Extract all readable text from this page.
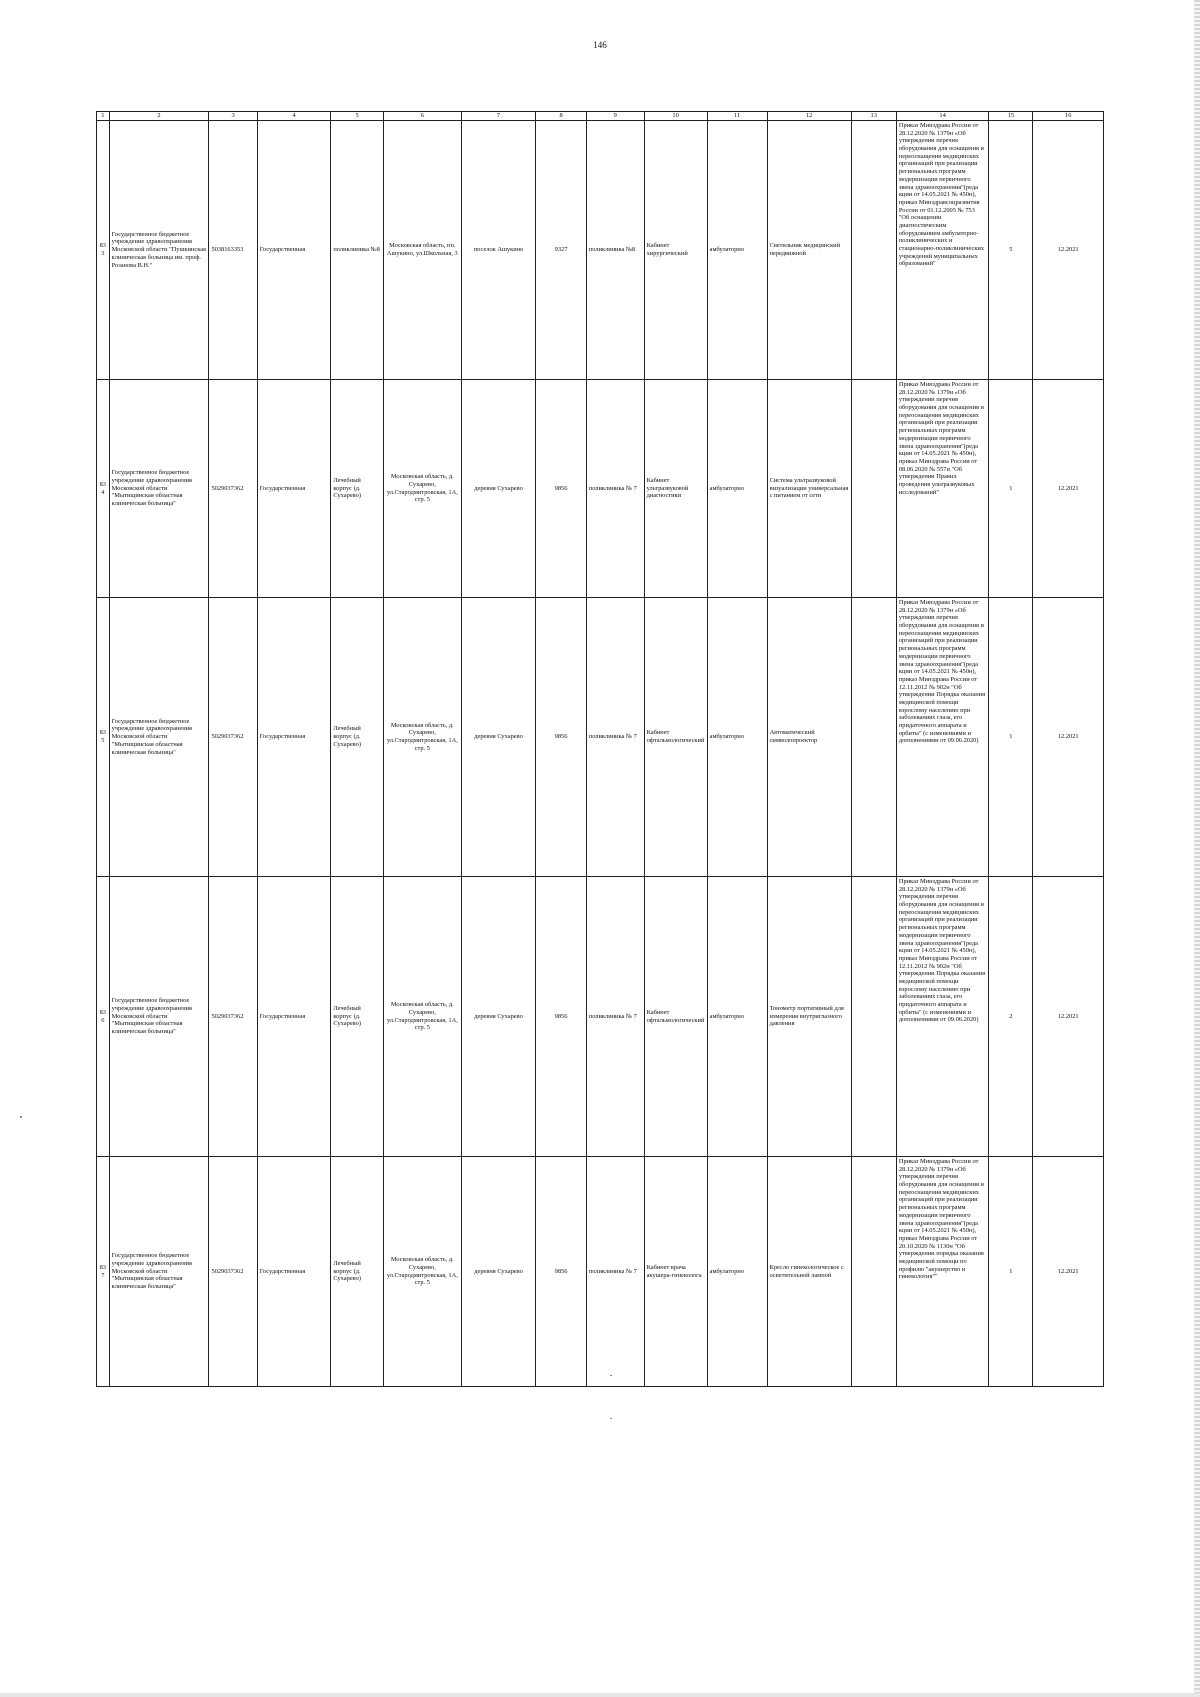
146
1	2	3	4	5	6	7	8	9	10	11	12	13	14	15	16
833	Государственное бюджетное учреждение здравоохранения Московской области "Пушкинская клиническая больница им. проф. Розанова В.Н."	5038163353	Государственная	поликлиника №8	Московская область, пп. Ашукино, ул.Школьная, 3	поселок Ашукино	9327	поликлиника №8	Кабинет хирургический	амбулаторно	Светильник медицинский передвижной		Приказ Минздрава России от 28.12.2020 № 1379н «Об утверждении перечня оборудования для оснащения и переоснащения медицинских организаций при реализации региональных программ модернизации первичного звена здравоохранения"(реда кции от 14.05.2021 № 450н), приказ Минздравсоцразвития России от 01.12.2005 № 753 "Об оснащении диагностическим оборудованием амбулаторно-поликлинических и стационарно-поликлинических учреждений муниципальных образований"	5	12.2021
834	Государственное бюджетное учреждение здравоохранения Московской области "Мытищинская областная клиническая больница"	5029037362	Государственная	Лечебный корпус (д. Сухарево)	Московская область, д. Сухарево, ул.Стародмитровская, 1А, стр. 5	деревня Сухарево	9856	поликлиника № 7	Кабинет ультразвуковой диагностики	амбулаторно	Система ультразвуковой визуализации универсальная с питанием от сети		Приказ Минздрава России от 28.12.2020 № 1379н «Об утверждении перечня оборудования для оснащения и переоснащения медицинских организаций при реализации региональных программ модернизации первичного звена здравоохранения"(реда кции от 14.05.2021 № 450н), приказ Минздрава России от 08.06.2020 № 557н "Об утверждении Правил проведения ультразвуковых исследований"	1	12.2021
835	Государственное бюджетное учреждение здравоохранения Московской области "Мытищинская областная клиническая больница"	5029037362	Государственная	Лечебный корпус (д. Сухарево)	Московская область, д. Сухарево, ул.Стародмитровская, 1А, стр. 5	деревня Сухарево	9856	поликлиника № 7	Кабинет офтальмологический	амбулаторно	Автоматический символопроектор		Приказ Минздрава России от 28.12.2020 № 1379н «Об утверждении перечня оборудования для оснащения и переоснащения медицинских организаций при реализации региональных программ модернизации первичного звена здравоохранения"(реда кции от 14.05.2021 № 450н), приказ Минздрава России от 12.11.2012 № 902н "Об утверждении Порядка оказания медицинской помощи взрослому населению при заболеваниях глаза, его придаточного аппарата и орбиты" (с изменениями и дополнениями от 09.06.2020)	1	12.2021
836	Государственное бюджетное учреждение здравоохранения Московской области "Мытищинская областная клиническая больница"	5029037362	Государственная	Лечебный корпус (д. Сухарево)	Московская область, д. Сухарево, ул.Стародмитровская, 1А, стр. 5	деревня Сухарево	9856	поликлиника № 7	Кабинет офтальмологический	амбулаторно	Тонометр портативный для измерения внутриглазного давления		Приказ Минздрава России от 28.12.2020 № 1379н «Об утверждении перечня оборудования для оснащения и переоснащения медицинских организаций при реализации региональных программ модернизации первичного звена здравоохранения"(реда кции от 14.05.2021 № 450н), приказ Минздрава России от 12.11.2012 № 902н "Об утверждении Порядка оказания медицинской помощи взрослому населению при заболеваниях глаза, его придаточного аппарата и орбиты" (с изменениями и дополнениями от 09.06.2020)	2	12.2021
837	Государственное бюджетное учреждение здравоохранения Московской области "Мытищинская областная клиническая больница"	5029037362	Государственная	Лечебный корпус (д. Сухарево)	Московская область, д. Сухарево, ул.Стародмитровская, 1А, стр. 5	деревня Сухарево	9856	поликлиника № 7	Кабинет врача акушера-гинеколога	амбулаторно	Кресло гинекологическое с осветительной лампой		Приказ Минздрава России от 28.12.2020 № 1379н «Об утверждении перечня оборудования для оснащения и переоснащения медицинских организаций при реализации региональных программ модернизации первичного звена здравоохранения"(реда кции от 14.05.2021 № 450н), приказ Минздрава России от 20.10.2020 № 1130н "Об утверждении порядка оказания медицинской помощи по профилю "акушерство и гинекология""	1	12.2021
